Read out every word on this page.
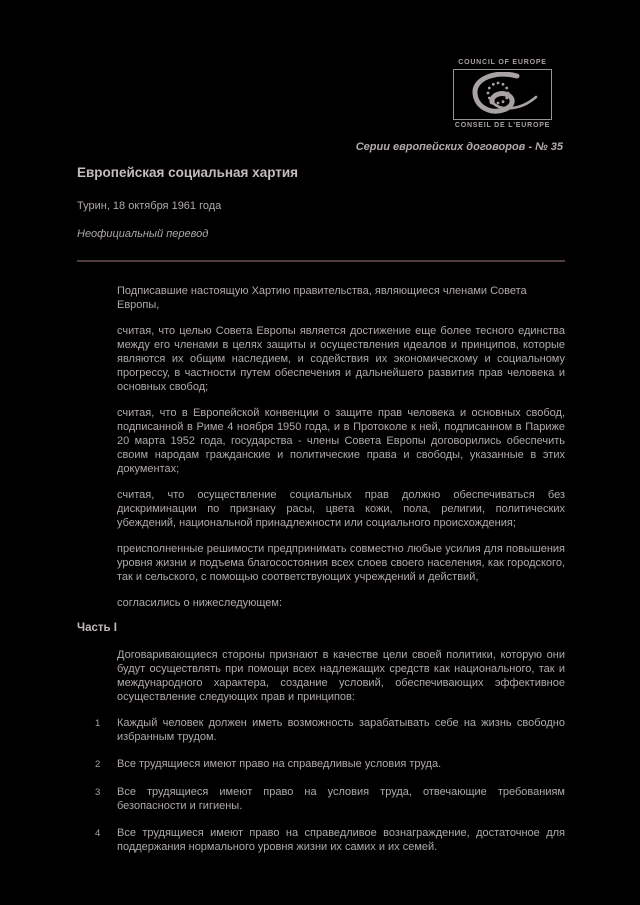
COUNCIL OF EUROPE
CONSEIL DE L'EUROPE
Серии европейских договоров - № 35
Европейская социальная хартия

Турин, 18 октября 1961 года

Неофициальный перевод

Подписавшие настоящую Хартию правительства, являющиеся членами Совета Европы,

считая, что целью Совета Европы является достижение еще более тесного единства между его членами в целях защиты и осуществления идеалов и принципов, которые являются их общим наследием, и содействия их экономическому и социальному прогрессу, в частности путем обеспечения и дальнейшего развития прав человека и основных свобод;

считая, что в Европейской конвенции о защите прав человека и основных свобод, подписанной в Риме 4 ноября 1950 года, и в Протоколе к ней, подписанном в Париже 20 марта 1952 года, государства - члены Совета Европы договорились обеспечить своим народам гражданские и политические права и свободы, указанные в этих документах;

считая, что осуществление социальных прав должно обеспечиваться без дискриминации по признаку расы, цвета кожи, пола, религии, политических убеждений, национальной принадлежности или социального происхождения;

преисполненные решимости предпринимать совместно любые усилия для повышения уровня жизни и подъема благосостояния всех слоев своего населения, как городского, так и сельского, с помощью соответствующих учреждений и действий,

согласились о нижеследующем:

Часть I

Договаривающиеся стороны признают в качестве цели своей политики, которую они будут осуществлять при помощи всех надлежащих средств как национального, так и международного характера, создание условий, обеспечивающих эффективное осуществление следующих прав и принципов:

1	Каждый человек должен иметь возможность зарабатывать себе на жизнь свободно избранным трудом.
2	Все трудящиеся имеют право на справедливые условия труда.
3	Все трудящиеся имеют право на условия труда, отвечающие требованиям безопасности и гигиены.
4	Все трудящиеся имеют право на справедливое вознаграждение, достаточное для поддержания нормального уровня жизни их самих и их семей.
